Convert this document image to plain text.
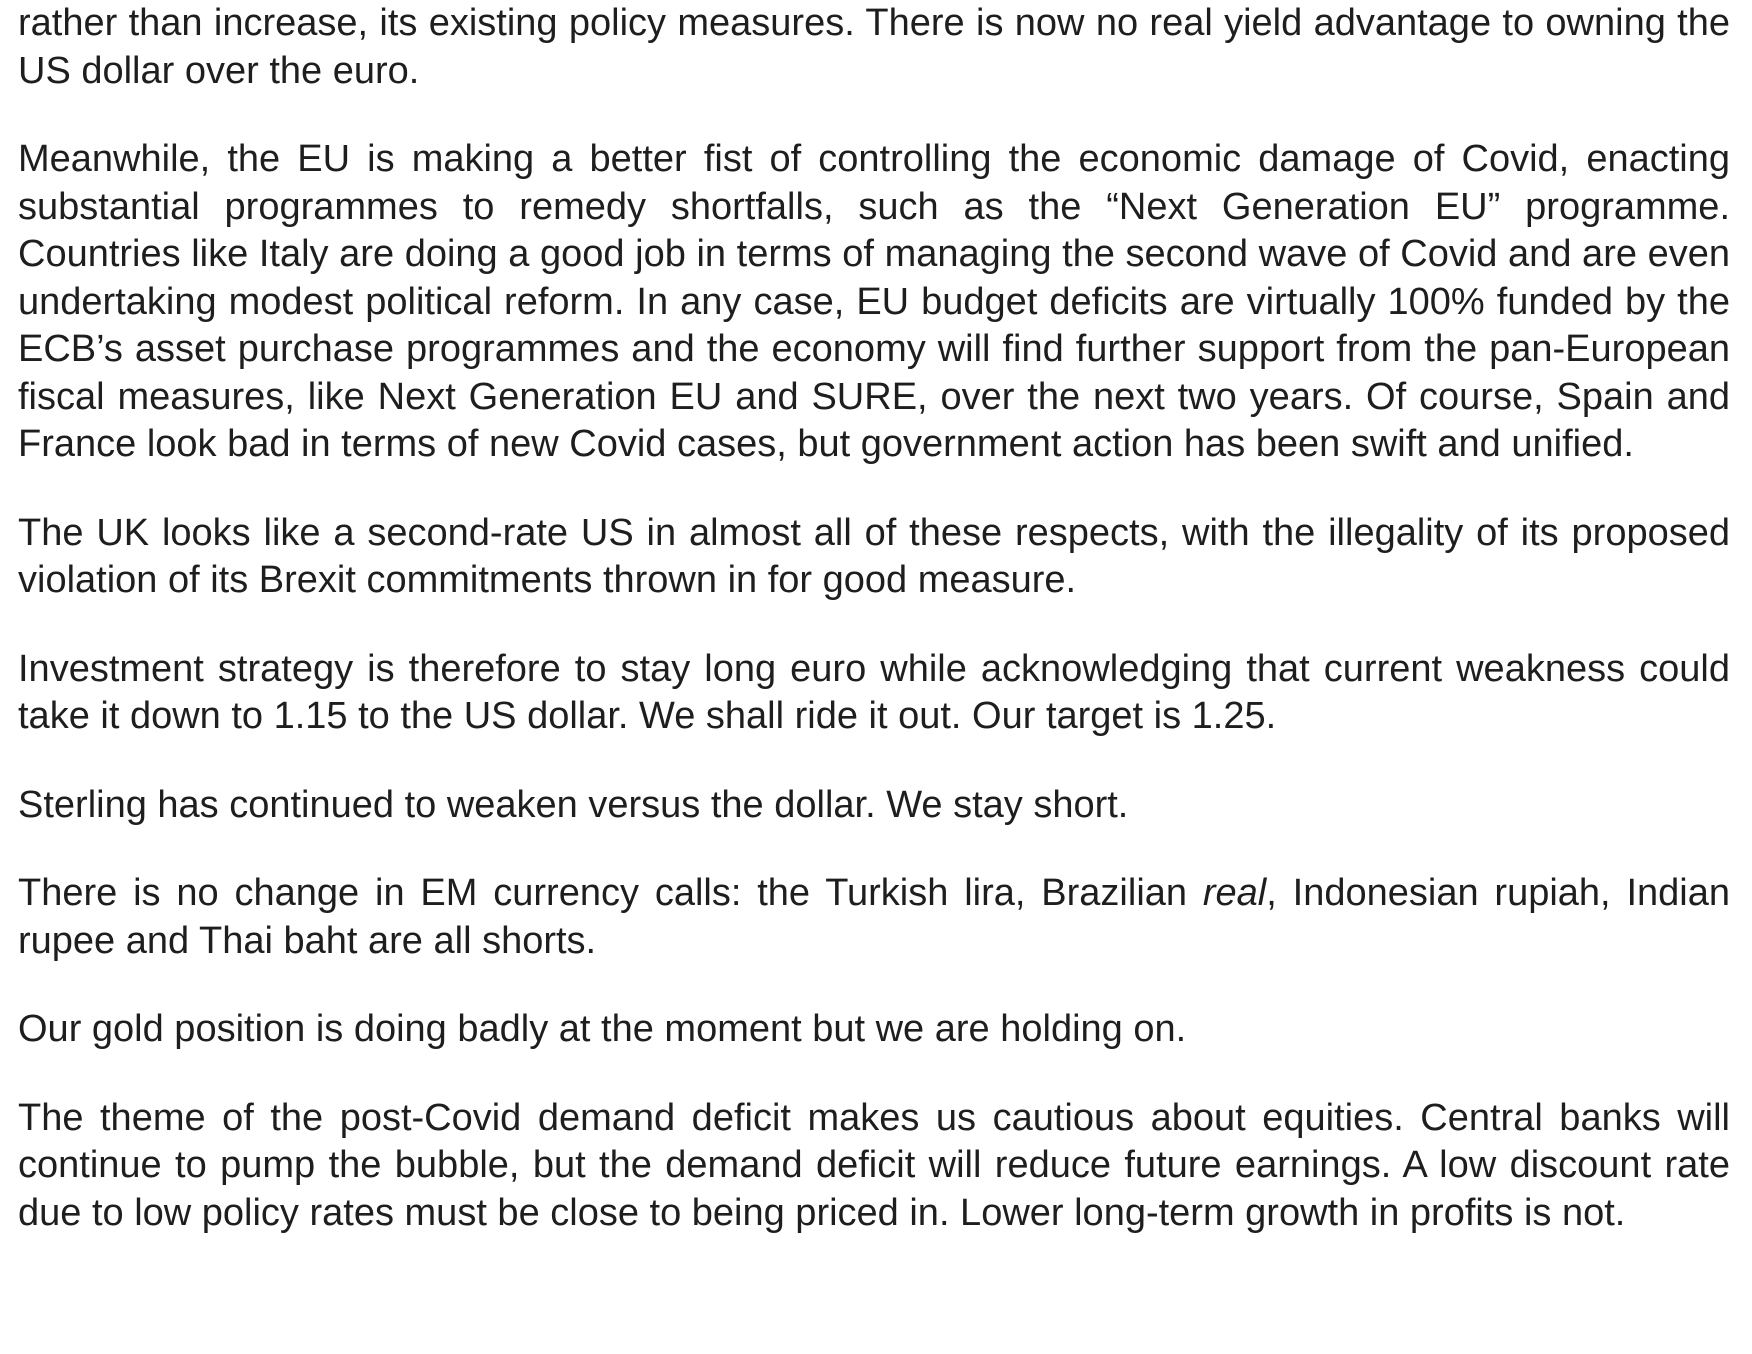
rather than increase, its existing policy measures. There is now no real yield advantage to owning the US dollar over the euro.

Meanwhile, the EU is making a better fist of controlling the economic damage of Covid, enacting substantial programmes to remedy shortfalls, such as the “Next Generation EU” programme. Countries like Italy are doing a good job in terms of managing the second wave of Covid and are even undertaking modest political reform. In any case, EU budget deficits are virtually 100% funded by the ECB’s asset purchase programmes and the economy will find further support from the pan-European fiscal measures, like Next Generation EU and SURE, over the next two years. Of course, Spain and France look bad in terms of new Covid cases, but government action has been swift and unified.

The UK looks like a second-rate US in almost all of these respects, with the illegality of its proposed violation of its Brexit commitments thrown in for good measure.

Investment strategy is therefore to stay long euro while acknowledging that current weakness could take it down to 1.15 to the US dollar. We shall ride it out. Our target is 1.25.

Sterling has continued to weaken versus the dollar. We stay short.

There is no change in EM currency calls: the Turkish lira, Brazilian real, Indonesian rupiah, Indian rupee and Thai baht are all shorts.

Our gold position is doing badly at the moment but we are holding on.

The theme of the post-Covid demand deficit makes us cautious about equities. Central banks will continue to pump the bubble, but the demand deficit will reduce future earnings. A low discount rate due to low policy rates must be close to being priced in. Lower long-term growth in profits is not.
